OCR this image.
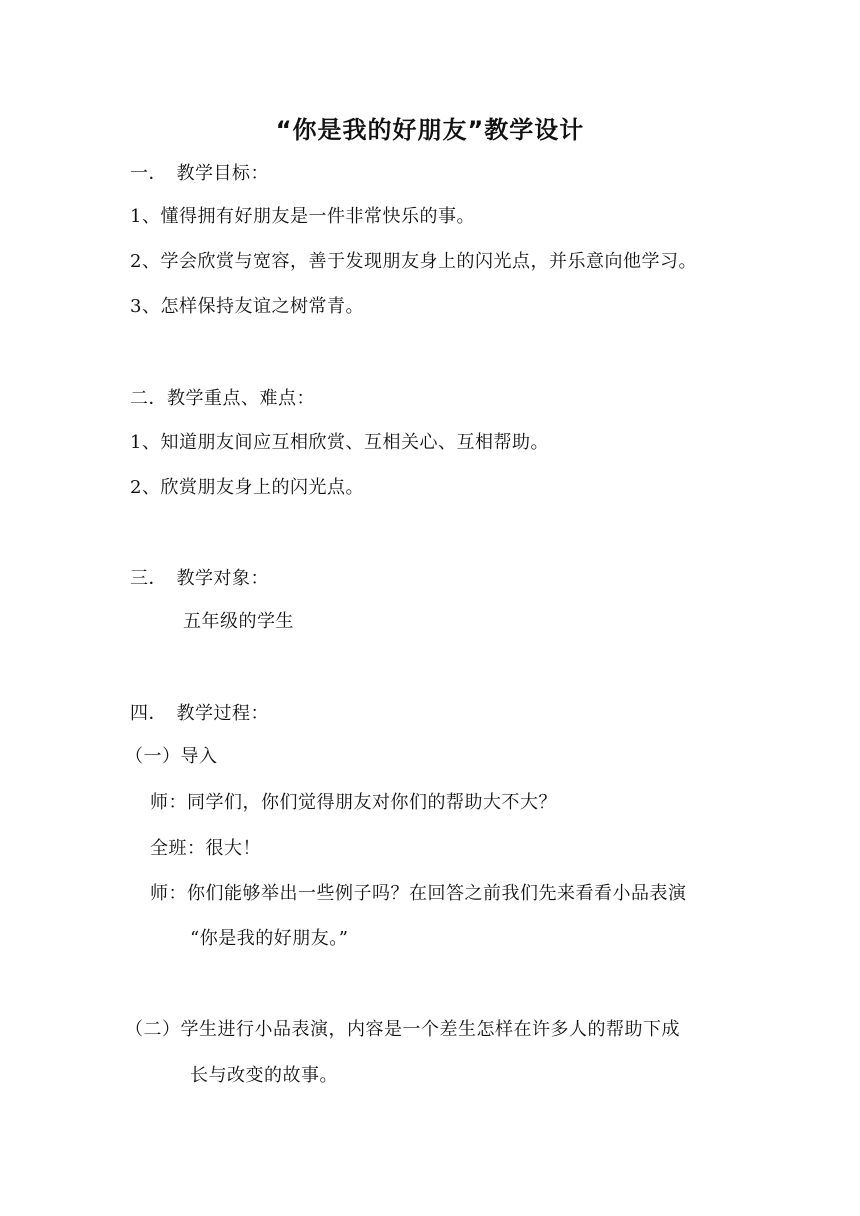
“你是我的好朋友”教学设计
一．　教学目标：
1、懂得拥有好朋友是一件非常快乐的事。
2、学会欣赏与宽容，善于发现朋友身上的闪光点，并乐意向他学习。
3、怎样保持友谊之树常青。
二．教学重点、难点：
1、知道朋友间应互相欣赏、互相关心、互相帮助。
2、欣赏朋友身上的闪光点。
三．　教学对象：
五年级的学生
四．　教学过程：
（一）导入
师：同学们，你们觉得朋友对你们的帮助大不大？
全班：很大！
师：你们能够举出一些例子吗？在回答之前我们先来看看小品表演
“你是我的好朋友。”
（二）学生进行小品表演，内容是一个差生怎样在许多人的帮助下成
长与改变的故事。
